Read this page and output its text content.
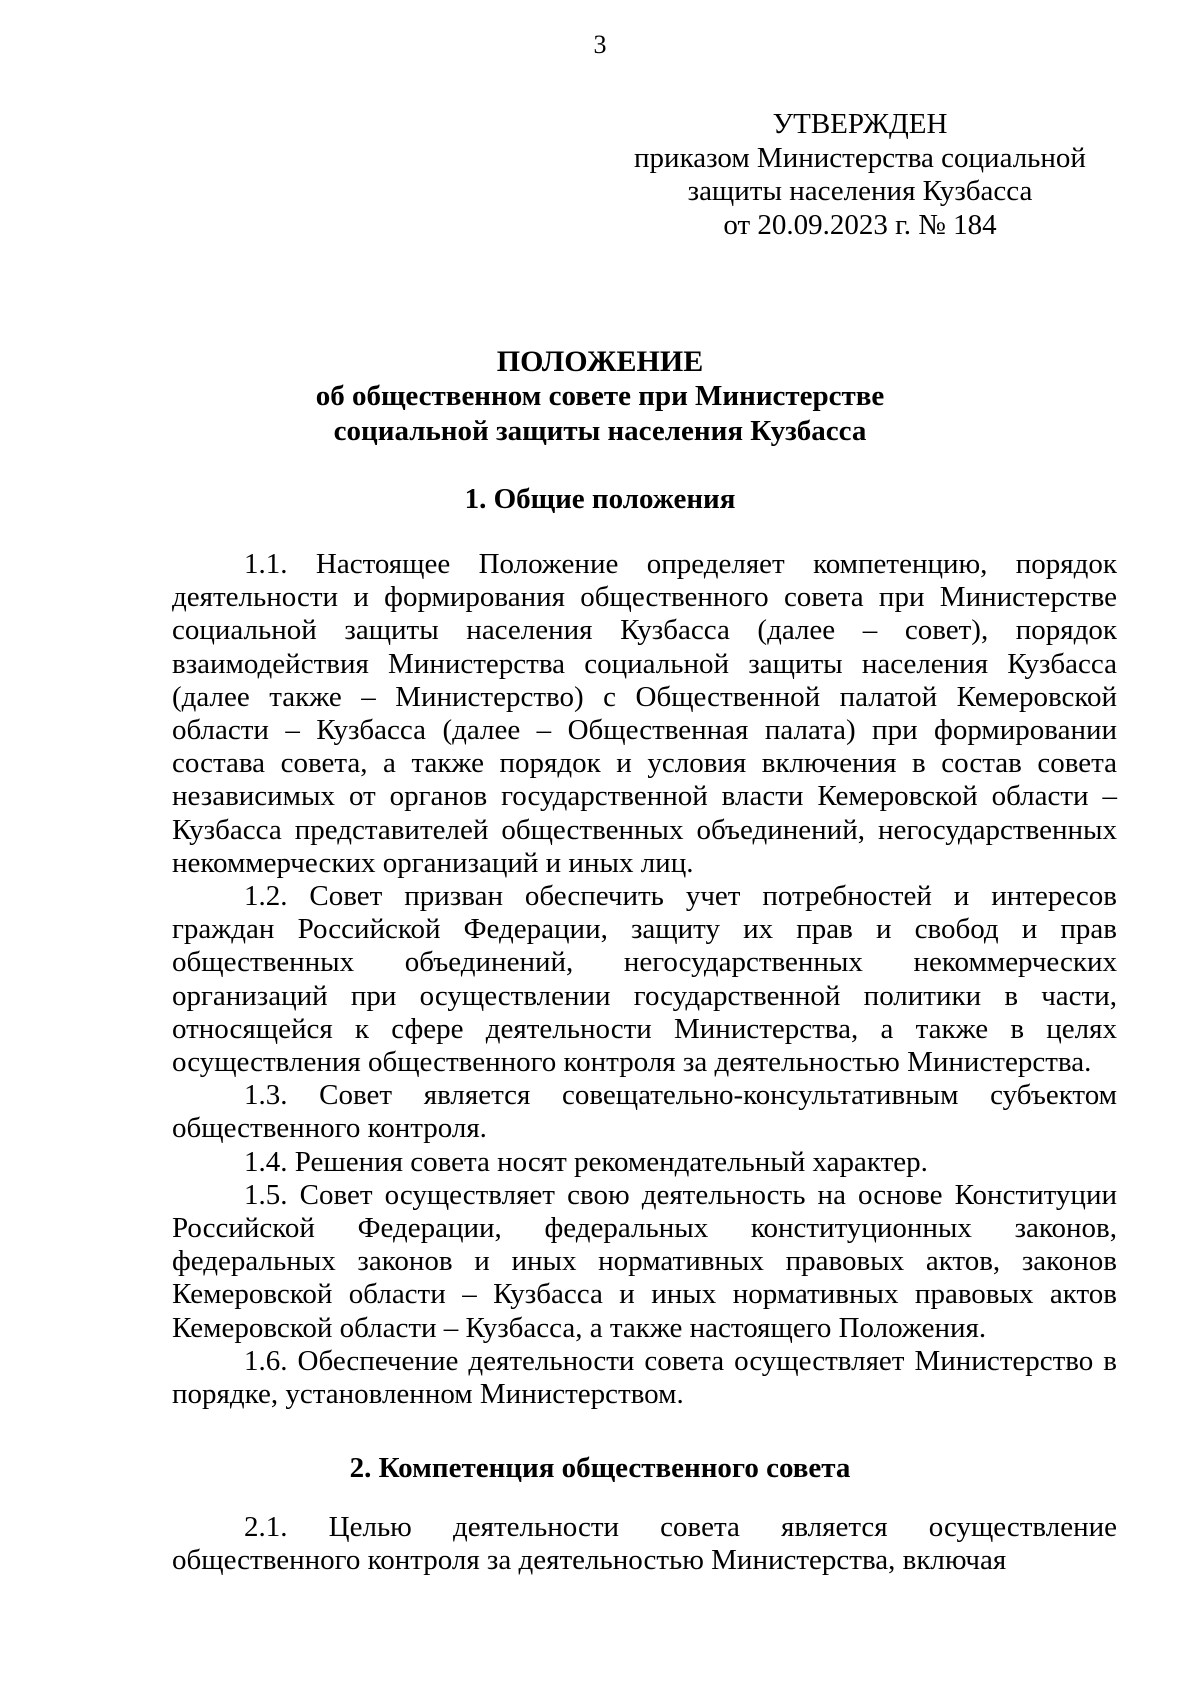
3
УТВЕРЖДЕН
приказом Министерства социальной
защиты населения Кузбасса
от 20.09.2023 г. № 184
ПОЛОЖЕНИЕ
об общественном совете при Министерстве
социальной защиты населения Кузбасса
1. Общие положения

1.1. Настоящее Положение определяет компетенцию, порядок деятельности и формирования общественного совета при Министерстве социальной защиты населения Кузбасса (далее – совет), порядок взаимодействия Министерства социальной защиты населения Кузбасса (далее также – Министерство) с Общественной палатой Кемеровской области – Кузбасса (далее – Общественная палата) при формировании состава совета, а также порядок и условия включения в состав совета независимых от органов государственной власти Кемеровской области – Кузбасса представителей общественных объединений, негосударственных некоммерческих организаций и иных лиц.

1.2. Совет призван обеспечить учет потребностей и интересов граждан Российской Федерации, защиту их прав и свобод и прав общественных объединений, негосударственных некоммерческих организаций при осуществлении государственной политики в части, относящейся к сфере деятельности Министерства, а также в целях осуществления общественного контроля за деятельностью Министерства.

1.3. Совет является совещательно-консультативным субъектом общественного контроля.

1.4. Решения совета носят рекомендательный характер.

1.5. Совет осуществляет свою деятельность на основе Конституции Российской Федерации, федеральных конституционных законов, федеральных законов и иных нормативных правовых актов, законов Кемеровской области – Кузбасса и иных нормативных правовых актов Кемеровской области – Кузбасса, а также настоящего Положения.

1.6. Обеспечение деятельности совета осуществляет Министерство в порядке, установленном Министерством.

2. Компетенция общественного совета

2.1. Целью деятельности совета является осуществление общественного контроля за деятельностью Министерства, включая
